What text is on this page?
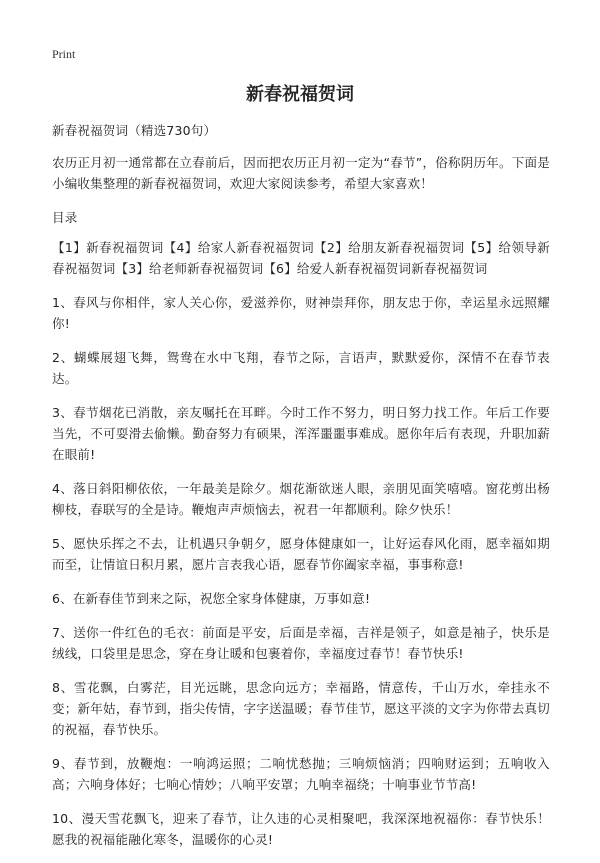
Print
新春祝福贺词

新春祝福贺词（精选730句）

农历正月初一通常都在立春前后，因而把农历正月初一定为“春节”，俗称阴历年。下面是小编收集整理的新春祝福贺词，欢迎大家阅读参考，希望大家喜欢！

目录

【1】新春祝福贺词【4】给家人新春祝福贺词【2】给朋友新春祝福贺词【5】给领导新春祝福贺词【3】给老师新春祝福贺词【6】给爱人新春祝福贺词新春祝福贺词

1、春风与你相伴，家人关心你，爱滋养你，财神崇拜你，朋友忠于你，幸运星永远照耀你!

2、蝴蝶展翅飞舞，鸳鸯在水中飞翔，春节之际，言语声，默默爱你，深情不在春节表达。

3、春节烟花已消散，亲友嘱托在耳畔。今时工作不努力，明日努力找工作。年后工作要当先，不可耍滑去偷懒。勤奋努力有硕果，浑浑噩噩事难成。愿你年后有表现，升职加薪在眼前!

4、落日斜阳柳依依，一年最美是除夕。烟花渐欲迷人眼，亲朋见面笑嘻嘻。窗花剪出杨柳枝，春联写的全是诗。鞭炮声声烦恼去，祝君一年都顺利。除夕快乐！

5、愿快乐挥之不去，让机遇只争朝夕，愿身体健康如一，让好运春风化雨，愿幸福如期而至，让情谊日积月累，愿片言表我心语，愿春节你阖家幸福，事事称意!

6、在新春佳节到来之际，祝您全家身体健康，万事如意!

7、送你一件红色的毛衣：前面是平安，后面是幸福，吉祥是领子，如意是袖子，快乐是绒线，口袋里是思念，穿在身让暖和包裹着你，幸福度过春节！春节快乐!

8、雪花飘，白雾茫，目光远眺，思念向远方；幸福路，情意传，千山万水，牵挂永不变；新年姑，春节到，指尖传情，字字送温暖；春节佳节，愿这平淡的文字为你带去真切的祝福，春节快乐。

9、春节到，放鞭炮：一响鸿运照；二响忧愁抛；三响烦恼消；四响财运到；五响收入高；六响身体好；七响心情妙；八响平安罩；九响幸福绕；十响事业节节高!

10、漫天雪花飘飞，迎来了春节，让久违的心灵相聚吧，我深深地祝福你：春节快乐！愿我的祝福能融化寒冬，温暖你的心灵!
